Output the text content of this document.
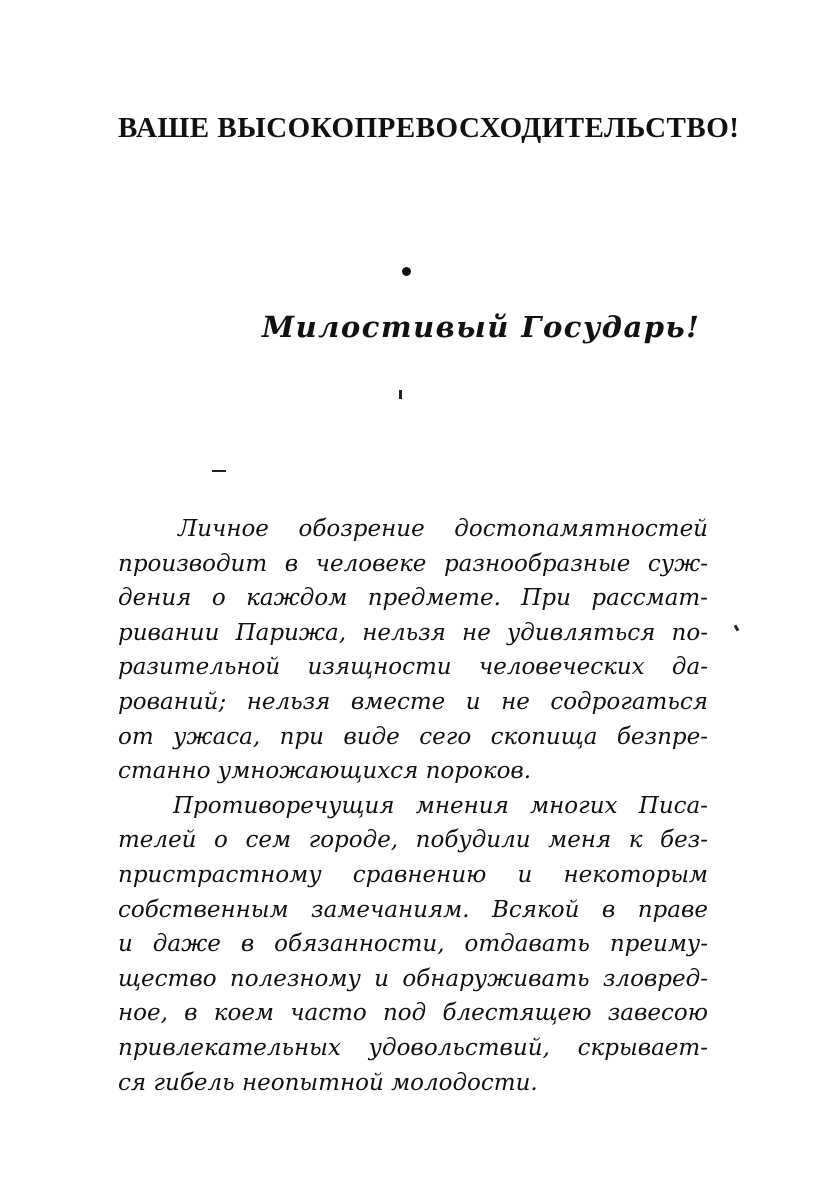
ВАШЕ ВЫСОКОПРЕВОСХОДИТЕЛЬСТВО!
Милостивый Государь!
Личное обозрение достопамятностей
производит в человеке разнообразные суж-
дения о каждом предмете. При рассмат-
ривании Парижа, нельзя не удивляться по-
разительной изящности человеческих да-
рований; нельзя вместе и не содрогаться
от ужаса, при виде сего скопища безпре-
станно умножающихся пороков.
Противоречущия мнения многих Писа-
телей о сем городе, побудили меня к без-
пристрастному сравнению и некоторым
собственным замечаниям. Всякой в праве
и даже в обязанности, отдавать преиму-
щество полезному и обнаруживать зловред-
ное, в коем часто под блестящею завесою
привлекательных удовольствий, скрывает-
ся гибель неопытной молодости.
